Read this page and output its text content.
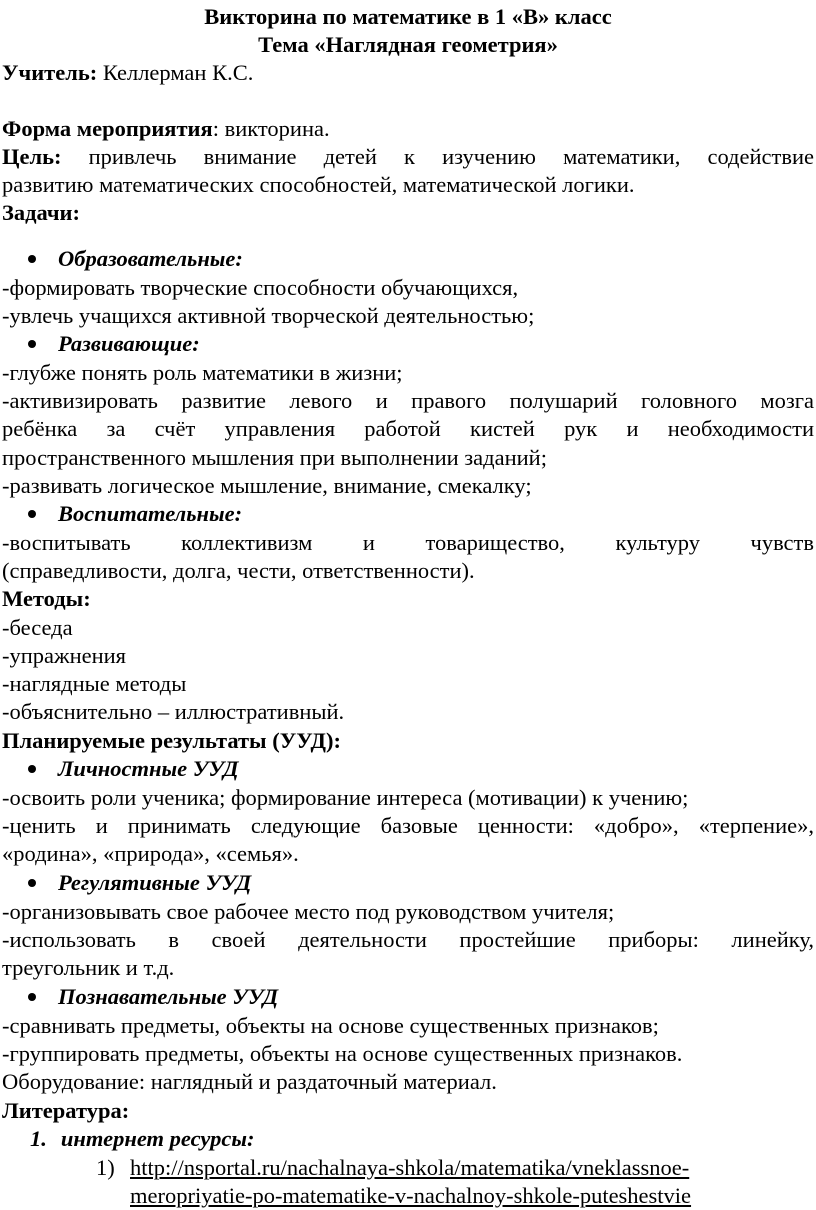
Викторина по математике в 1 «В» класс
Тема «Наглядная геометрия»
Учитель: Келлерман К.С.
Форма мероприятия: викторина.
Цель: привлечь внимание детей к изучению математики, содействие
развитию математических способностей, математической логики.
Задачи:
Образовательные:
-формировать творческие способности обучающихся,
-увлечь учащихся активной творческой деятельностью;
Развивающие:
-глубже понять роль математики в жизни;
-активизировать развитие левого и правого полушарий головного мозга
ребёнка за счёт управления работой кистей рук и необходимости
пространственного мышления при выполнении заданий;
-развивать логическое мышление, внимание, смекалку;
Воспитательные:
-воспитывать коллективизм и товарищество, культуру чувств
(справедливости, долга, чести, ответственности).
Методы:
-беседа
-упражнения
-наглядные методы
-объяснительно – иллюстративный.
Планируемые результаты (УУД):
Личностные УУД
-освоить роли ученика; формирование интереса (мотивации) к учению;
-ценить и принимать следующие базовые ценности: «добро», «терпение»,
«родина», «природа», «семья».
Регулятивные УУД
-организовывать свое рабочее место под руководством учителя;
-использовать в своей деятельности простейшие приборы: линейку,
треугольник и т.д.
Познавательные УУД
-сравнивать предметы, объекты на основе существенных признаков;
-группировать предметы, объекты на основе существенных признаков.
Оборудование: наглядный и раздаточный материал.
Литература:
1. интернет ресурсы:
1) http://nsportal.ru/nachalnaya-shkola/matematika/vneklassnoe-
meropriyatie-po-matematike-v-nachalnoy-shkole-puteshestvie
